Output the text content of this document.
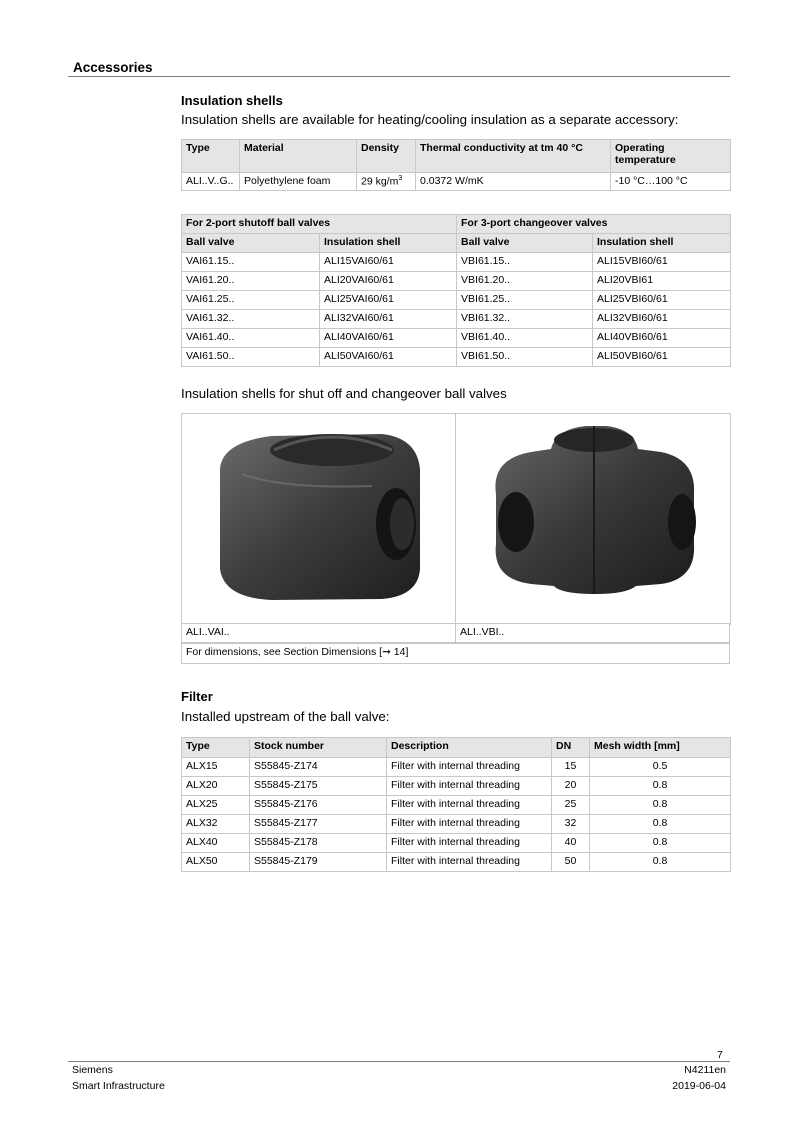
Accessories
Insulation shells
Insulation shells are available for heating/cooling insulation as a separate accessory:
Type	Material	Density	Thermal conductivity at tm 40 °C	Operating temperature
ALI..V..G..	Polyethylene foam	29 $kg/m^3$	0.0372 W/mK	-10 °C…100 °C
For 2-port shutoff ball valves		For 3-port changeover valves	
Ball valve	Insulation shell	Ball valve	Insulation shell
VAI61.15..	ALI15VAI60/61	VBI61.15..	ALI15VBI60/61
VAI61.20..	ALI20VAI60/61	VBI61.20..	ALI20VBI61
VAI61.25..	ALI25VAI60/61	VBI61.25..	ALI25VBI60/61
VAI61.32..	ALI32VAI60/61	VBI61.32..	ALI32VBI60/61
VAI61.40..	ALI40VAI60/61	VBI61.40..	ALI40VBI60/61
VAI61.50..	ALI50VAI60/61	VBI61.50..	ALI50VBI60/61
Insulation shells for shut off and changeover ball valves
ALI..VAI..	ALI..VBI..
For dimensions, see Section Dimensions [➞ 14]
Filter
Installed upstream of the ball valve:
Type	Stock number	Description	DN	Mesh width [mm]
ALX15	S55845-Z174	Filter with internal threading	15	0.5
ALX20	S55845-Z175	Filter with internal threading	20	0.8
ALX25	S55845-Z176	Filter with internal threading	25	0.8
ALX32	S55845-Z177	Filter with internal threading	32	0.8
ALX40	S55845-Z178	Filter with internal threading	40	0.8
ALX50	S55845-Z179	Filter with internal threading	50	0.8
7
Siemens
Smart Infrastructure
N4211en
2019-06-04
